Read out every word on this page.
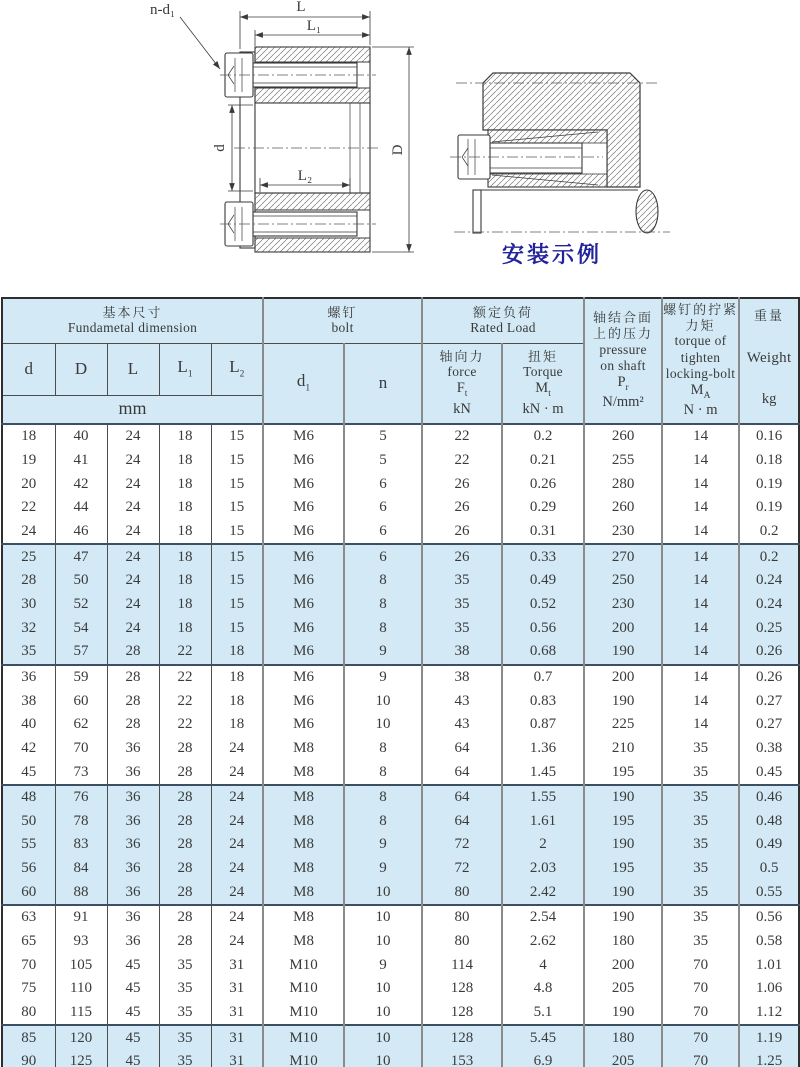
L
L₁
d
L₂
D
n-d₁
安装示例
基本尺寸
Fundametal dimension

螺钉
bolt

额定负荷
Rated Load

轴结合面
上的压力
pressure
on shaft
$P_r$
N/mm²

螺钉的拧紧
力矩
torque of
tighten
locking-bolt
$M_A$
N · m

重量
Weight
kg

d	D	L	$L_1$	$L_2$	$d_1$	n	
轴向力
force
$F_t$
kN

扭矩
Torque
$M_t$
kN · m

mm											
18	40	24	18	15	M6	5	22	0.2	260	14	0.16
19	41	24	18	15	M6	5	22	0.21	255	14	0.18
20	42	24	18	15	M6	6	26	0.26	280	14	0.19
22	44	24	18	15	M6	6	26	0.29	260	14	0.19
24	46	24	18	15	M6	6	26	0.31	230	14	0.2
25	47	24	18	15	M6	6	26	0.33	270	14	0.2
28	50	24	18	15	M6	8	35	0.49	250	14	0.24
30	52	24	18	15	M6	8	35	0.52	230	14	0.24
32	54	24	18	15	M6	8	35	0.56	200	14	0.25
35	57	28	22	18	M6	9	38	0.68	190	14	0.26
36	59	28	22	18	M6	9	38	0.7	200	14	0.26
38	60	28	22	18	M6	10	43	0.83	190	14	0.27
40	62	28	22	18	M6	10	43	0.87	225	14	0.27
42	70	36	28	24	M8	8	64	1.36	210	35	0.38
45	73	36	28	24	M8	8	64	1.45	195	35	0.45
48	76	36	28	24	M8	8	64	1.55	190	35	0.46
50	78	36	28	24	M8	8	64	1.61	195	35	0.48
55	83	36	28	24	M8	9	72	2	190	35	0.49
56	84	36	28	24	M8	9	72	2.03	195	35	0.5
60	88	36	28	24	M8	10	80	2.42	190	35	0.55
63	91	36	28	24	M8	10	80	2.54	190	35	0.56
65	93	36	28	24	M8	10	80	2.62	180	35	0.58
70	105	45	35	31	M10	9	114	4	200	70	1.01
75	110	45	35	31	M10	10	128	4.8	205	70	1.06
80	115	45	35	31	M10	10	128	5.1	190	70	1.12
85	120	45	35	31	M10	10	128	5.45	180	70	1.19
90	125	45	35	31	M10	10	153	6.9	205	70	1.25
